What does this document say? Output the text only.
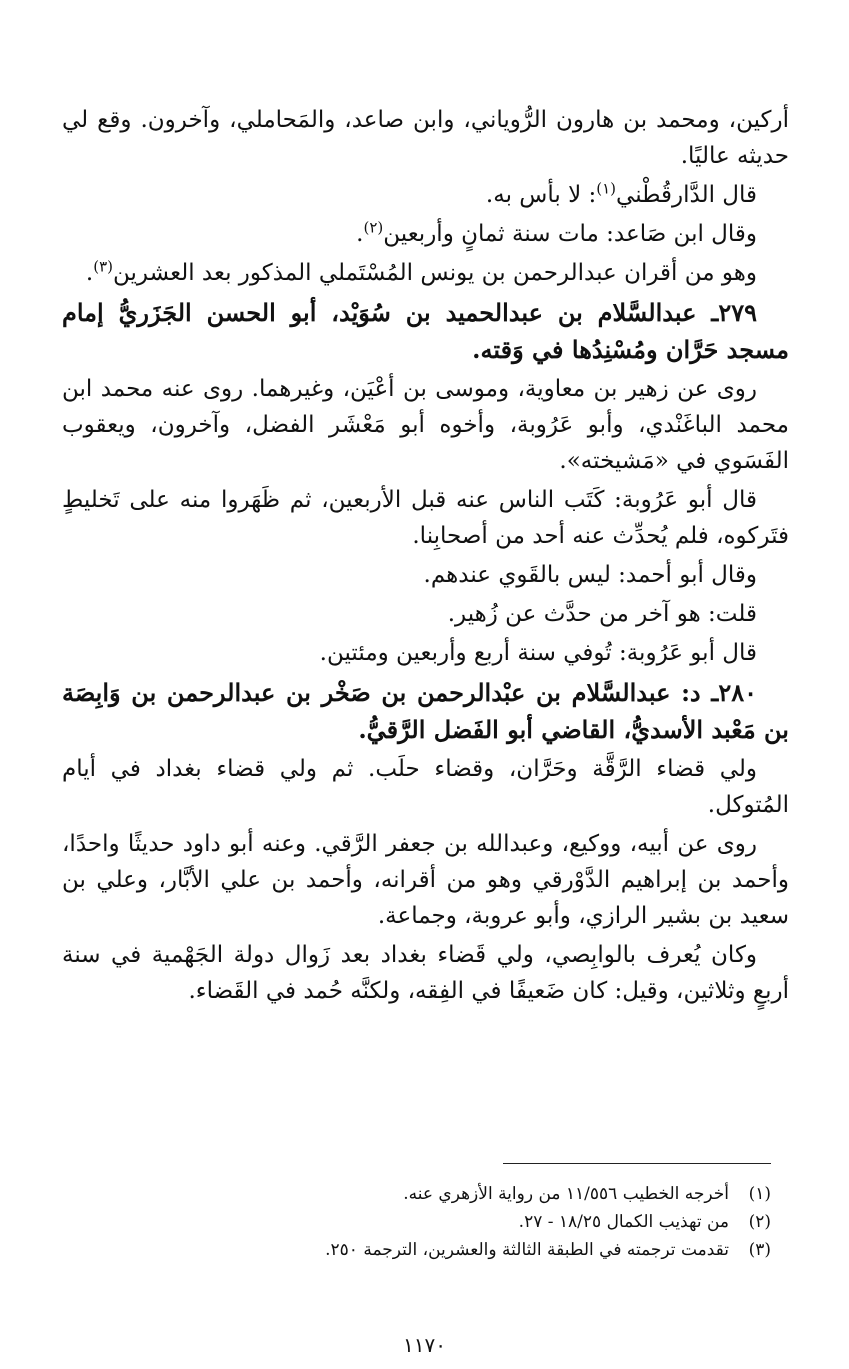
أركين، ومحمد بن هارون الرُّوياني، وابن صاعد، والمَحاملي، وآخرون. وقع لي حديثه عاليًا.

قال الدَّارقُطْني$^{(١)}$: لا بأس به.

وقال ابن صَاعد: مات سنة ثمانٍ وأربعين$^{(٢)}$.

وهو من أقران عبدالرحمن بن يونس المُسْتَملي المذكور بعد العشرين$^{(٣)}$.

٢٧٩ـ عبدالسَّلام بن عبدالحميد بن سُوَيْد، أبو الحسن الجَزَريُّ إمام مسجد حَرَّان ومُسْنِدُها في وَقته.

روى عن زهير بن معاوية، وموسى بن أعْيَن، وغيرهما. روى عنه محمد ابن محمد الباغَنْدي، وأبو عَرُوبة، وأخوه أبو مَعْشَر الفضل، وآخرون، ويعقوب الفَسَوي في «مَشيخته».

قال أبو عَرُوبة: كَتَب الناس عنه قبل الأربعين، ثم ظَهَروا منه على تَخليطٍ فتَركوه، فلم يُحدِّث عنه أحد من أصحابِنا.

وقال أبو أحمد: ليس بالقَوي عندهم.

قلت: هو آخر من حدَّث عن زُهير.

قال أبو عَرُوبة: تُوفي سنة أربع وأربعين ومئتين.

٢٨٠ـ د: عبدالسَّلام بن عبْدالرحمن بن صَخْر بن عبدالرحمن بن وَابِصَة بن مَعْبد الأسديُّ، القاضي أبو الفَضل الرَّقيُّ.

ولي قضاء الرَّقَّة وحَرَّان، وقضاء حلَب. ثم ولي قضاء بغداد في أيام المُتوكل.

روى عن أبيه، ووكيع، وعبدالله بن جعفر الرَّقي. وعنه أبو داود حديثًا واحدًا، وأحمد بن إبراهيم الدَّوْرقي وهو من أقرانه، وأحمد بن علي الأبَّار، وعلي بن سعيد بن بشير الرازي، وأبو عروبة، وجماعة.

وكان يُعرف بالوابِصي، ولي قَضاء بغداد بعد زَوال دولة الجَهْمية في سنة أربعٍ وثلاثين، وقيل: كان ضَعيفًا في الفِقه، ولكنَّه حُمد في القَضاء.

(١)
أخرجه الخطيب ١١/٥٥٦ من رواية الأزهري عنه.
(٢)
من تهذيب الكمال ١٨/٢٥ - ٢٧.
(٣)
تقدمت ترجمته في الطبقة الثالثة والعشرين، الترجمة ٢٥٠.
١١٧٠
